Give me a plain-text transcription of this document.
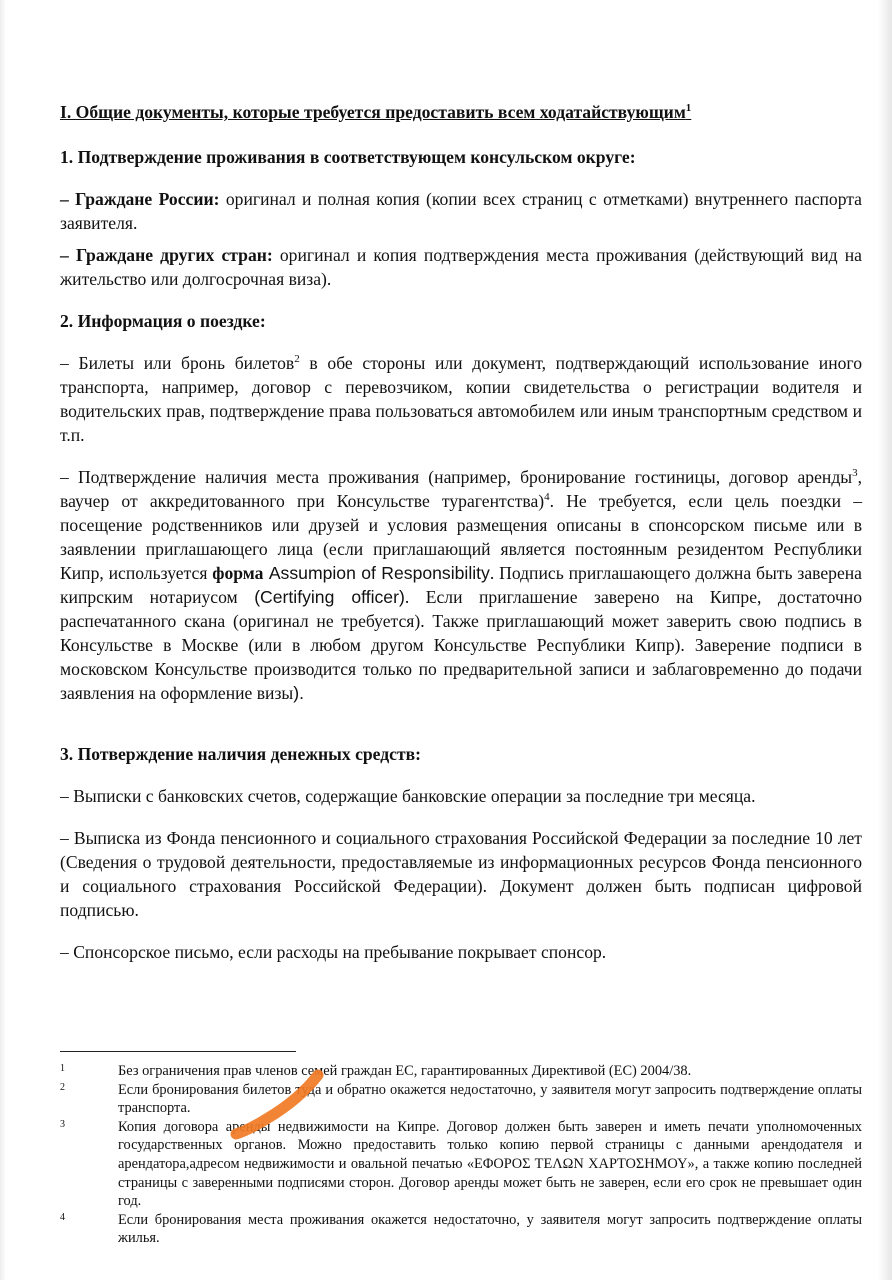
I. Общие документы, которые требуется предоставить всем ходатайствующим$^1$

1. Подтверждение проживания в соответствующем консульском округе:

– Граждане России: оригинал и полная копия (копии всех страниц с отметками) внутреннего паспорта заявителя.

– Граждане других стран: оригинал и копия подтверждения места проживания (действующий вид на жительство или долгосрочная виза).

2. Информация о поездке:

– Билеты или бронь билетов$^2$ в обе стороны или документ, подтверждающий использование иного транспорта, например, договор с перевозчиком, копии свидетельства о регистрации водителя и водительских прав, подтверждение права пользоваться автомобилем или иным транспортным средством и т.п.

– Подтверждение наличия места проживания (например, бронирование гостиницы, договор аренды$^3$, ваучер от аккредитованного при Консульстве турагентства)$^4$. Не требуется, если цель поездки – посещение родственников или друзей и условия размещения описаны в спонсорском письме или в заявлении приглашающего лица (если приглашающий является постоянным резидентом Республики Кипр, используется форма Assumpion of Responsibility. Подпись приглашающего должна быть заверена кипрским нотариусом (Certifying officer). Если приглашение заверено на Кипре, достаточно распечатанного скана (оригинал не требуется). Также приглашающий может заверить свою подпись в Консульстве в Москве (или в любом другом Консульстве Республики Кипр). Заверение подписи в московском Консульстве производится только по предварительной записи и заблаговременно до подачи заявления на оформление визы).

3. Потверждение наличия денежных средств:

– Выписки с банковских счетов, содержащие банковские операции за последние три месяца.

– Выписка из Фонда пенсионного и социального страхования Российской Федерации за последние 10 лет (Сведения о трудовой деятельности, предоставляемые из информационных ресурсов Фонда пенсионного и социального страхования Российской Федерации). Документ должен быть подписан цифровой подписью.

– Спонсорское письмо, если расходы на пребывание покрывает спонсор.

1	Без ограничения прав членов семей граждан ЕС, гарантированных Директивой (ЕС) 2004/38.
2	Если бронирования билетов туда и обратно окажется недостаточно, у заявителя могут запросить подтверждение оплаты транспорта.
3	Копия договора аренды недвижимости на Кипре. Договор должен быть заверен и иметь печати уполномоченных государственных органов. Можно предоставить только копию первой страницы с данными арендодателя и арендатора,адресом недвижимости и овальной печатью «ΕΦΟΡΟΣ ΤΕΛΩΝ ΧΑΡΤΟΣΗΜΟΥ», а также копию последней страницы с заверенными подписями сторон. Договор аренды может быть не заверен, если его срок не превышает один год.
4	Если бронирования места проживания окажется недостаточно, у заявителя могут запросить подтверждение оплаты жилья.
